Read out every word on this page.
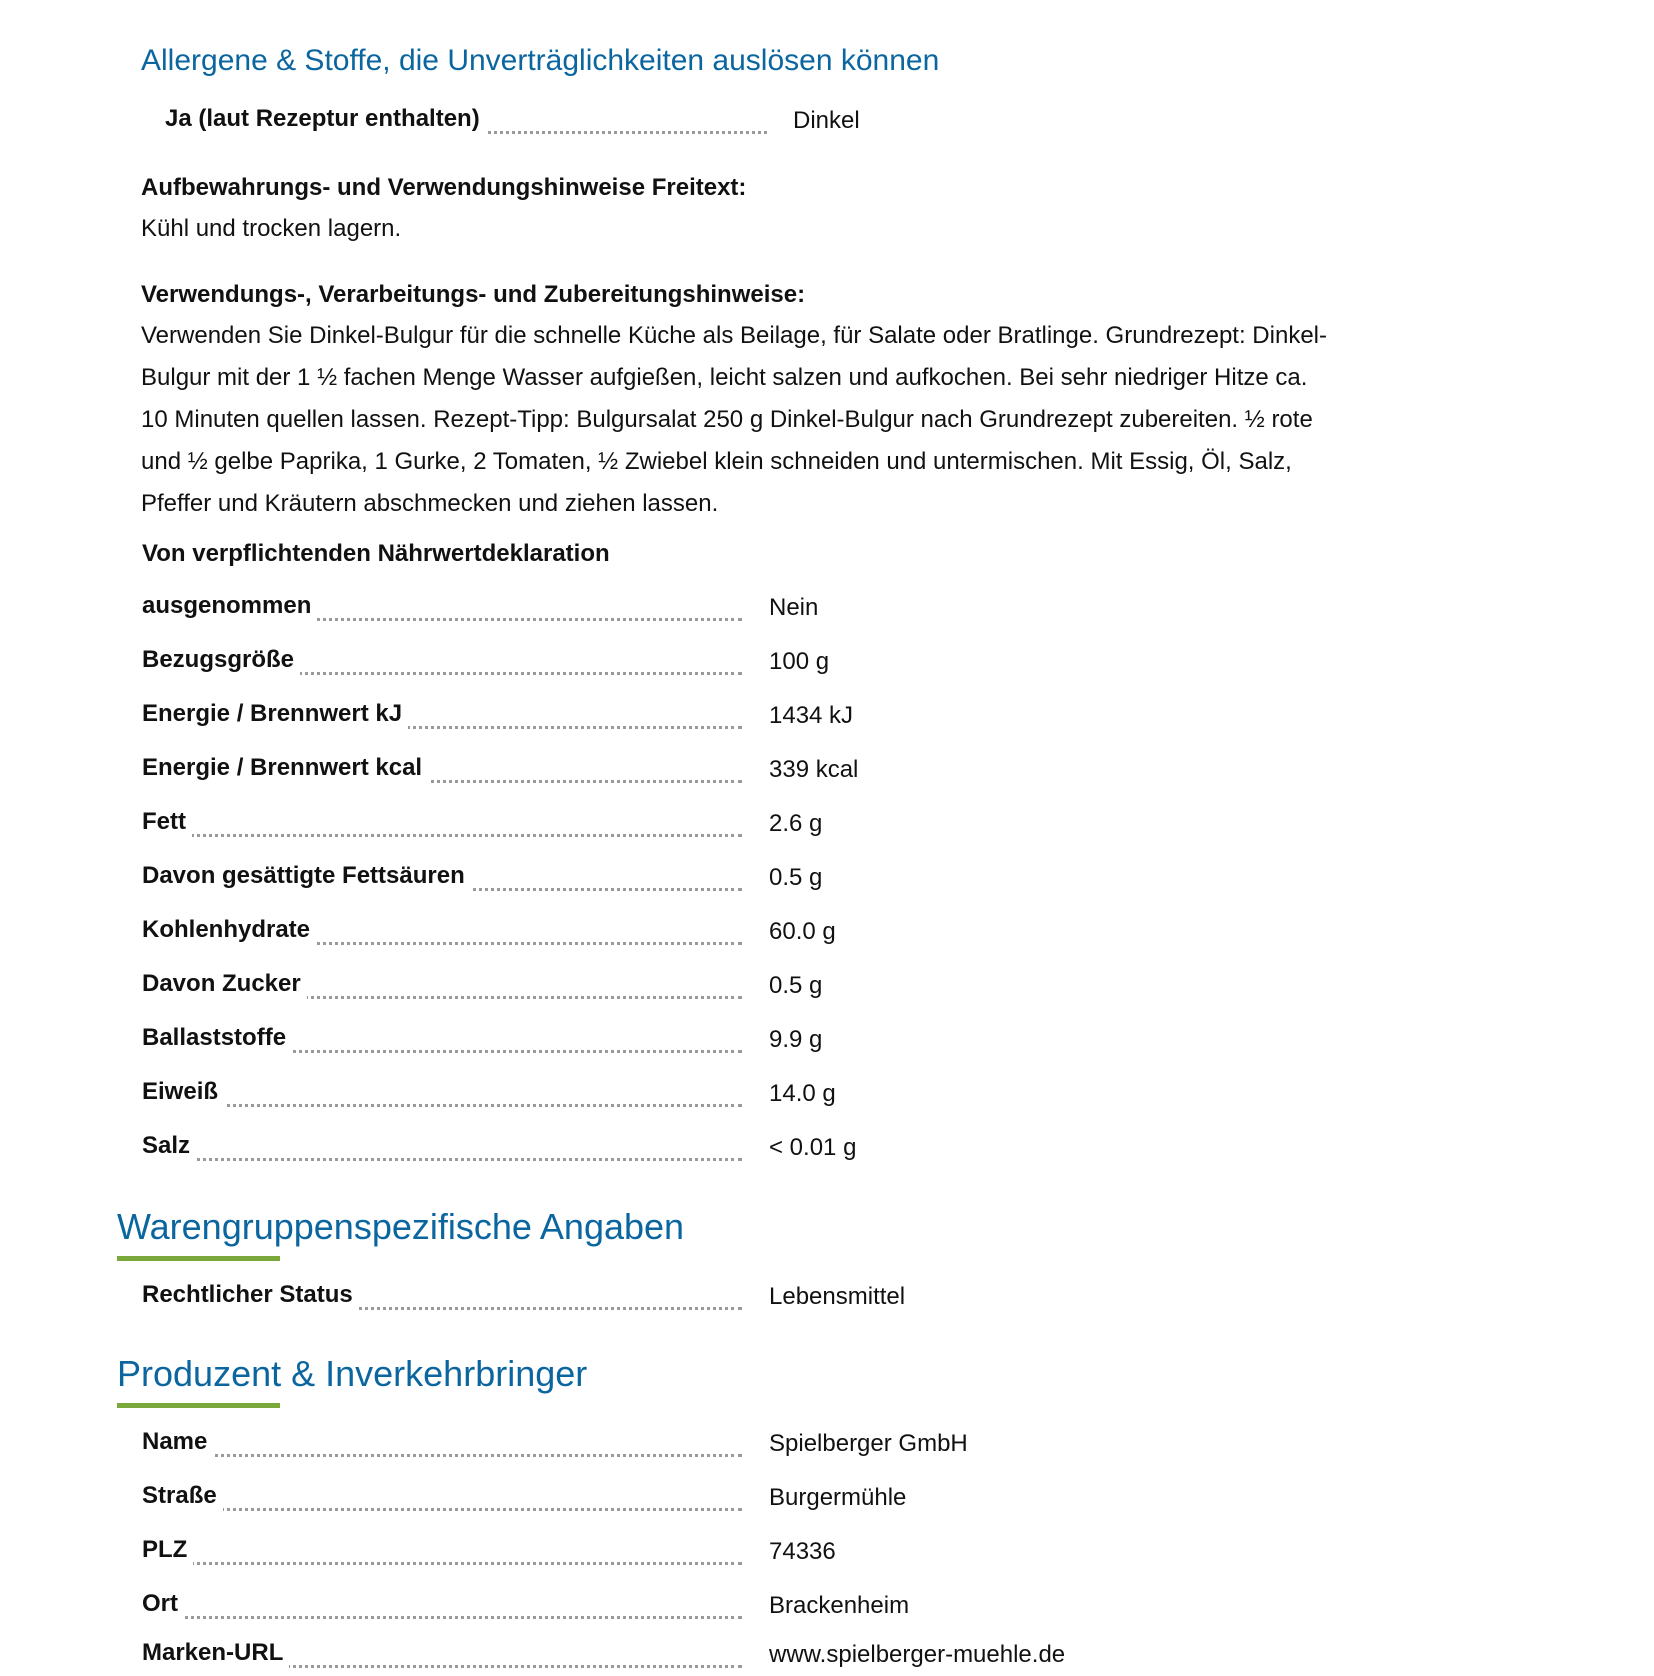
Allergene & Stoffe, die Unverträglichkeiten auslösen können
Ja (laut Rezeptur enthalten)	Dinkel
Aufbewahrungs- und Verwendungshinweise Freitext:
Kühl und trocken lagern.
Verwendungs-, Verarbeitungs- und Zubereitungshinweise:
Verwenden Sie Dinkel-Bulgur für die schnelle Küche als Beilage, für Salate oder Bratlinge. Grundrezept: Dinkel-
Bulgur mit der 1 ½ fachen Menge Wasser aufgießen, leicht salzen und aufkochen. Bei sehr niedriger Hitze ca.
10 Minuten quellen lassen. Rezept-Tipp: Bulgursalat 250 g Dinkel-Bulgur nach Grundrezept zubereiten. ½ rote
und ½ gelbe Paprika, 1 Gurke, 2 Tomaten, ½ Zwiebel klein schneiden und untermischen. Mit Essig, Öl, Salz,
Pfeffer und Kräutern abschmecken und ziehen lassen.
Von verpflichtenden Nährwertdeklaration
ausgenommen	Nein
Bezugsgröße	100 g
Energie / Brennwert kJ	1434 kJ
Energie / Brennwert kcal	339 kcal
Fett	2.6 g
Davon gesättigte Fettsäuren	0.5 g
Kohlenhydrate	60.0 g
Davon Zucker	0.5 g
Ballaststoffe	9.9 g
Eiweiß	14.0 g
Salz	< 0.01 g
Warengruppenspezifische Angaben
Rechtlicher Status	Lebensmittel
Produzent & Inverkehrbringer
Name	Spielberger GmbH
Straße	Burgermühle
PLZ	74336
Ort	Brackenheim
Marken-URL	www.spielberger-muehle.de
